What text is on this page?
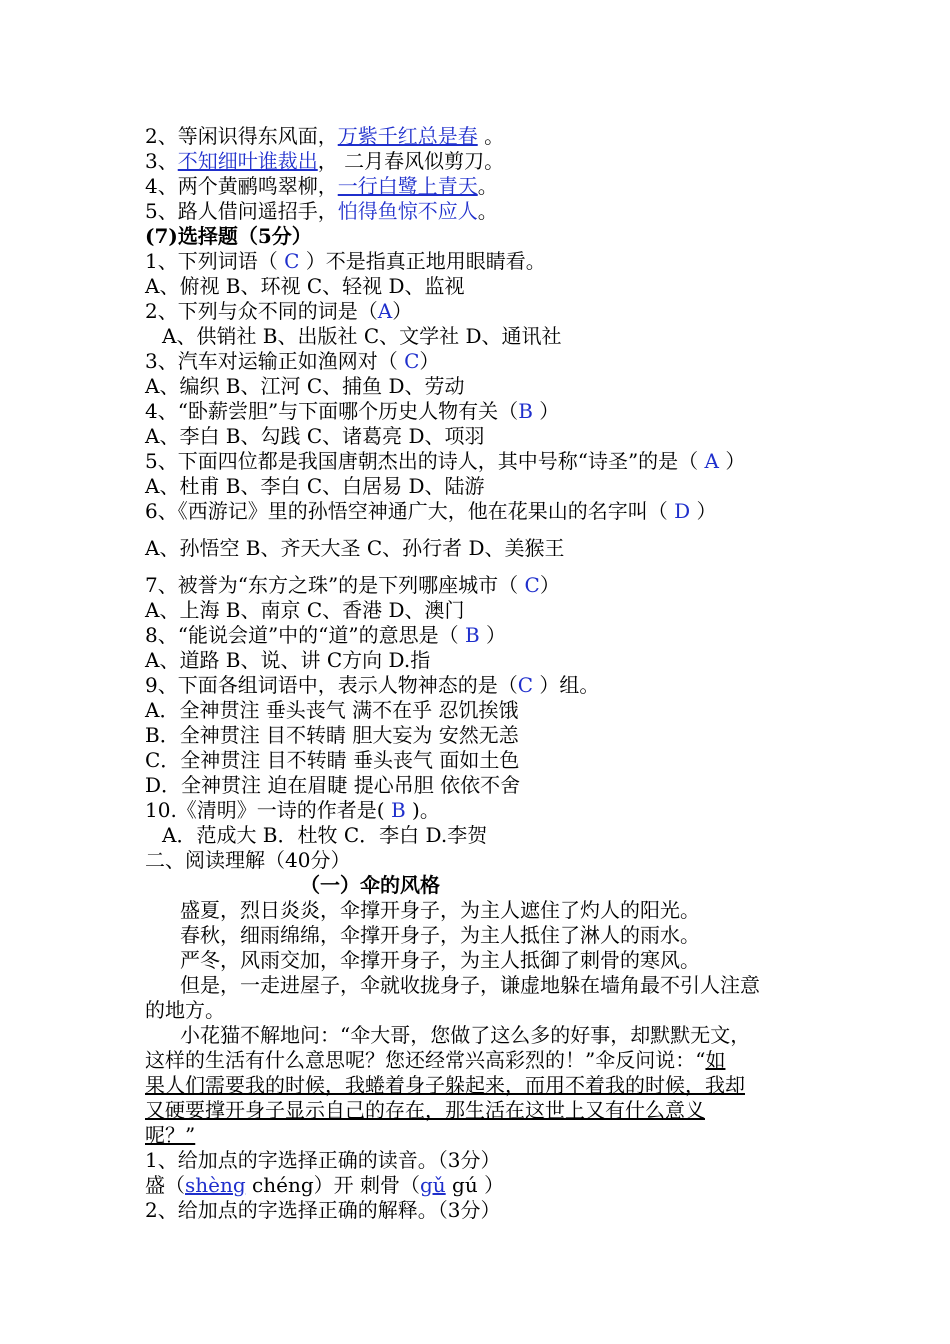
2、等闲识得东风面，万紫千红总是春 。
3、不知细叶谁裁出， 二月春风似剪刀。
4、两个黄鹂鸣翠柳，一行白鹭上青天。
5、路人借问遥招手，怕得鱼惊不应人。
(7)选择题（5分）
1、下列词语（ C ）不是指真正地用眼睛看。
A、俯视 B、环视 C、轻视 D、监视
2、下列与众不同的词是（A）
A、供销社 B、出版社 C、文学社 D、通讯社
3、汽车对运输正如渔网对（ C）
A、编织 B、江河 C、捕鱼 D、劳动
4、“卧薪尝胆”与下面哪个历史人物有关（B ）
A、李白 B、勾践 C、诸葛亮 D、项羽
5、下面四位都是我国唐朝杰出的诗人，其中号称“诗圣”的是（ A ）
A、杜甫 B、李白 C、白居易 D、陆游
6、《西游记》里的孙悟空神通广大，他在花果山的名字叫（ D ）
A、孙悟空 B、齐天大圣 C、孙行者 D、美猴王
7、被誉为“东方之珠”的是下列哪座城市（ C）
A、上海 B、南京 C、香港 D、澳门
8、“能说会道”中的“道”的意思是（ B ）
A、道路 B、说、讲 C方向 D.指
9、下面各组词语中，表示人物神态的是（C ）组。
A．全神贯注 垂头丧气 满不在乎 忍饥挨饿
B．全神贯注 目不转睛 胆大妄为 安然无恙
C．全神贯注 目不转睛 垂头丧气 面如土色
D．全神贯注 迫在眉睫 提心吊胆 依依不舍
10.《清明》一诗的作者是( B )。
A．范成大 B．杜牧 C．李白 D.李贺
二、阅读理解（40分）
（一）伞的风格
盛夏，烈日炎炎，伞撑开身子，为主人遮住了灼人的阳光。
春秋，细雨绵绵，伞撑开身子，为主人抵住了淋人的雨水。
严冬，风雨交加，伞撑开身子，为主人抵御了刺骨的寒风。
但是，一走进屋子，伞就收拢身子，谦虚地躲在墙角最不引人注意
的地方。
小花猫不解地问：“伞大哥，您做了这么多的好事，却默默无文，
这样的生活有什么意思呢？您还经常兴高彩烈的！”伞反问说：“如
果人们需要我的时候，我蜷着身子躲起来，而用不着我的时候，我却
又硬要撑开身子显示自己的存在，那生活在这世上又有什么意义
呢？”
1、给加点的字选择正确的读音。（3分）
盛（shèng chéng）开 刺骨（gǔ gú ）
2、给加点的字选择正确的解释。（3分）
